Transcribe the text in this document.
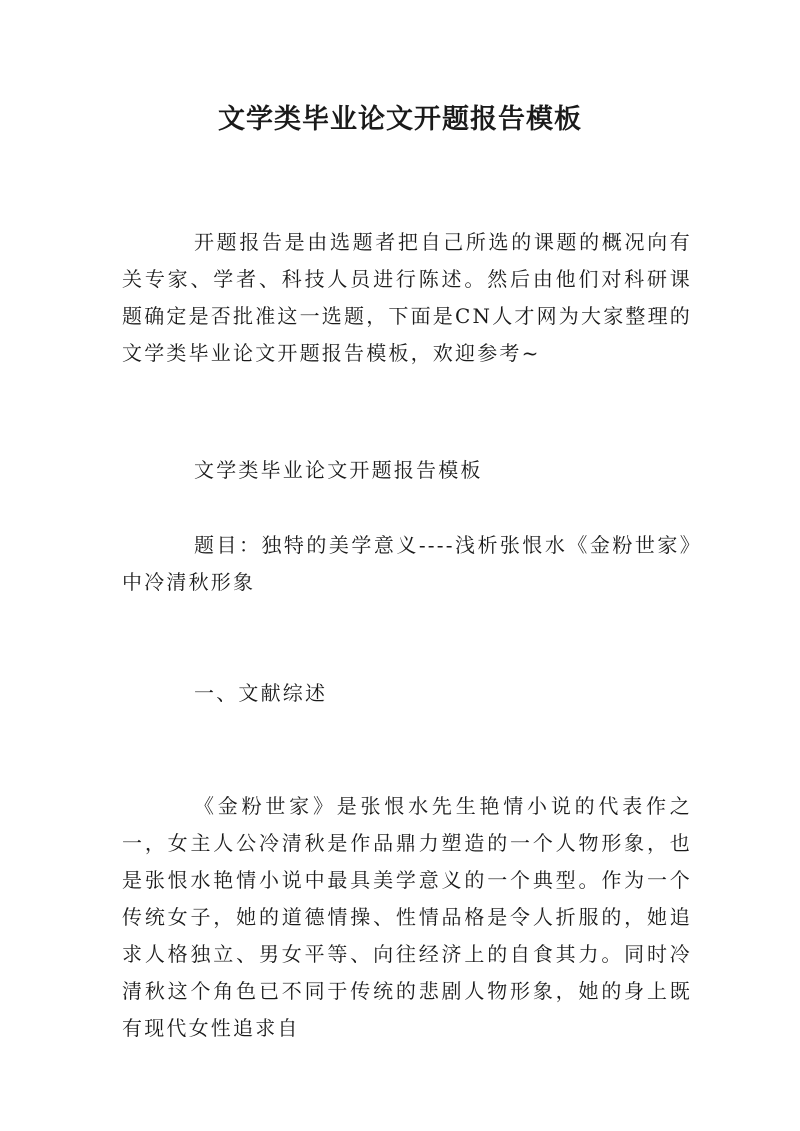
文学类毕业论文开题报告模板

开题报告是由选题者把自己所选的课题的概况向有关专家、学者、科技人员进行陈述。然后由他们对科研课题确定是否批准这一选题，下面是CN人才网为大家整理的文学类毕业论文开题报告模板，欢迎参考~

文学类毕业论文开题报告模板

题目：独特的美学意义----浅析张恨水《金粉世家》中冷清秋形象

一、文献综述

《金粉世家》是张恨水先生艳情小说的代表作之一，女主人公冷清秋是作品鼎力塑造的一个人物形象，也是张恨水艳情小说中最具美学意义的一个典型。作为一个传统女子，她的道德情操、性情品格是令人折服的，她追求人格独立、男女平等、向往经济上的自食其力。同时冷清秋这个角色已不同于传统的悲剧人物形象，她的身上既有现代女性追求自
